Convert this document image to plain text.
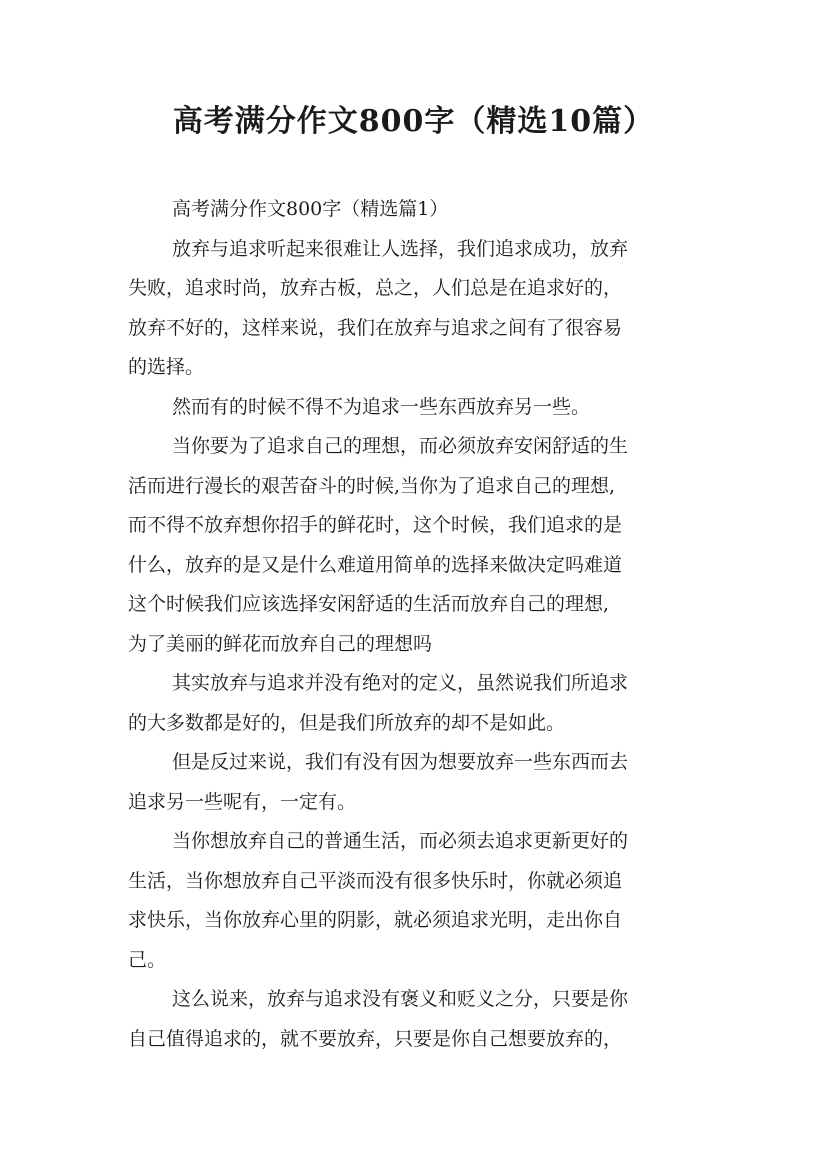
高考满分作文800字（精选10篇）
高考满分作文800字（精选篇1）
放弃与追求听起来很难让人选择，我们追求成功，放弃
失败，追求时尚，放弃古板，总之，人们总是在追求好的，
放弃不好的，这样来说，我们在放弃与追求之间有了很容易
的选择。
然而有的时候不得不为追求一些东西放弃另一些。
当你要为了追求自己的理想，而必须放弃安闲舒适的生
活而进行漫长的艰苦奋斗的时候,当你为了追求自己的理想,
而不得不放弃想你招手的鲜花时，这个时候，我们追求的是
什么，放弃的是又是什么难道用简单的选择来做决定吗难道
这个时候我们应该选择安闲舒适的生活而放弃自己的理想,
为了美丽的鲜花而放弃自己的理想吗
其实放弃与追求并没有绝对的定义，虽然说我们所追求
的大多数都是好的，但是我们所放弃的却不是如此。
但是反过来说，我们有没有因为想要放弃一些东西而去
追求另一些呢有，一定有。
当你想放弃自己的普通生活，而必须去追求更新更好的
生活，当你想放弃自己平淡而没有很多快乐时，你就必须追
求快乐，当你放弃心里的阴影，就必须追求光明，走出你自
己。
这么说来，放弃与追求没有褒义和贬义之分，只要是你
自己值得追求的，就不要放弃，只要是你自己想要放弃的，
